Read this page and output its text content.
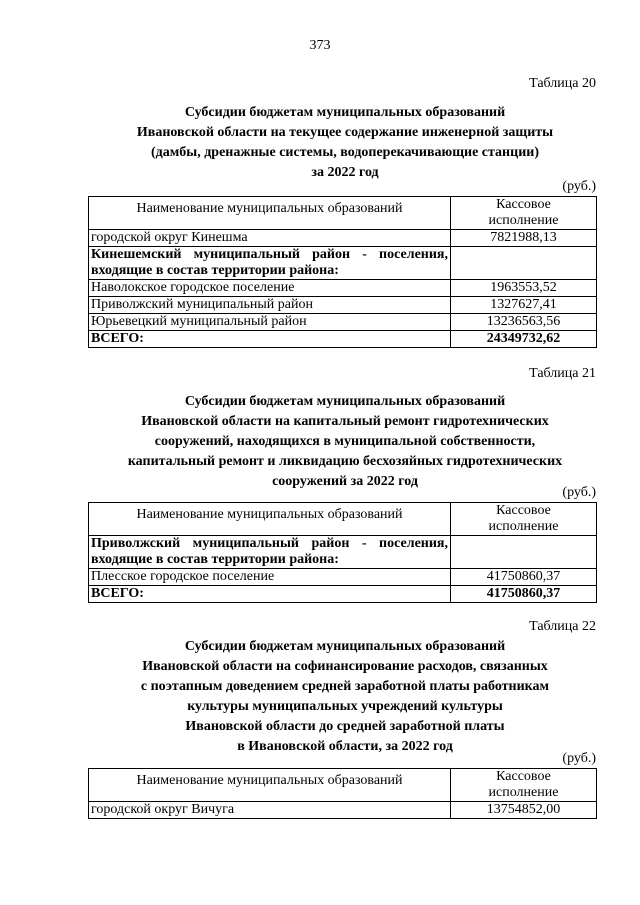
373
Таблица 20
Субсидии бюджетам муниципальных образований
Ивановской области на текущее содержание инженерной защиты
(дамбы, дренажные системы, водоперекачивающие станции)
за 2022 год
(руб.)
Наименование муниципальных образований	Кассовое
исполнение

городской округ Кинешма	7821988,13
Кинешемский муниципальный район - поселения, входящие в состав территории района:	
Наволокское городское поселение	1963553,52
Приволжский муниципальный район	1327627,41
Юрьевецкий муниципальный район	13236563,56
ВСЕГО:	24349732,62
Таблица 21
Субсидии бюджетам муниципальных образований
Ивановской области на капитальный ремонт гидротехнических
сооружений, находящихся в муниципальной собственности,
капитальный ремонт и ликвидацию бесхозяйных гидротехнических
сооружений за 2022 год
(руб.)
Наименование муниципальных образований	Кассовое
исполнение

Приволжский муниципальный район - поселения, входящие в состав территории района:	
Плесское городское поселение	41750860,37
ВСЕГО:	41750860,37
Таблица 22
Субсидии бюджетам муниципальных образований
Ивановской области на софинансирование расходов, связанных
с поэтапным доведением средней заработной платы работникам
культуры муниципальных учреждений культуры
Ивановской области до средней заработной платы
в Ивановской области, за 2022 год
(руб.)
Наименование муниципальных образований	Кассовое
исполнение

городской округ Вичуга	13754852,00
